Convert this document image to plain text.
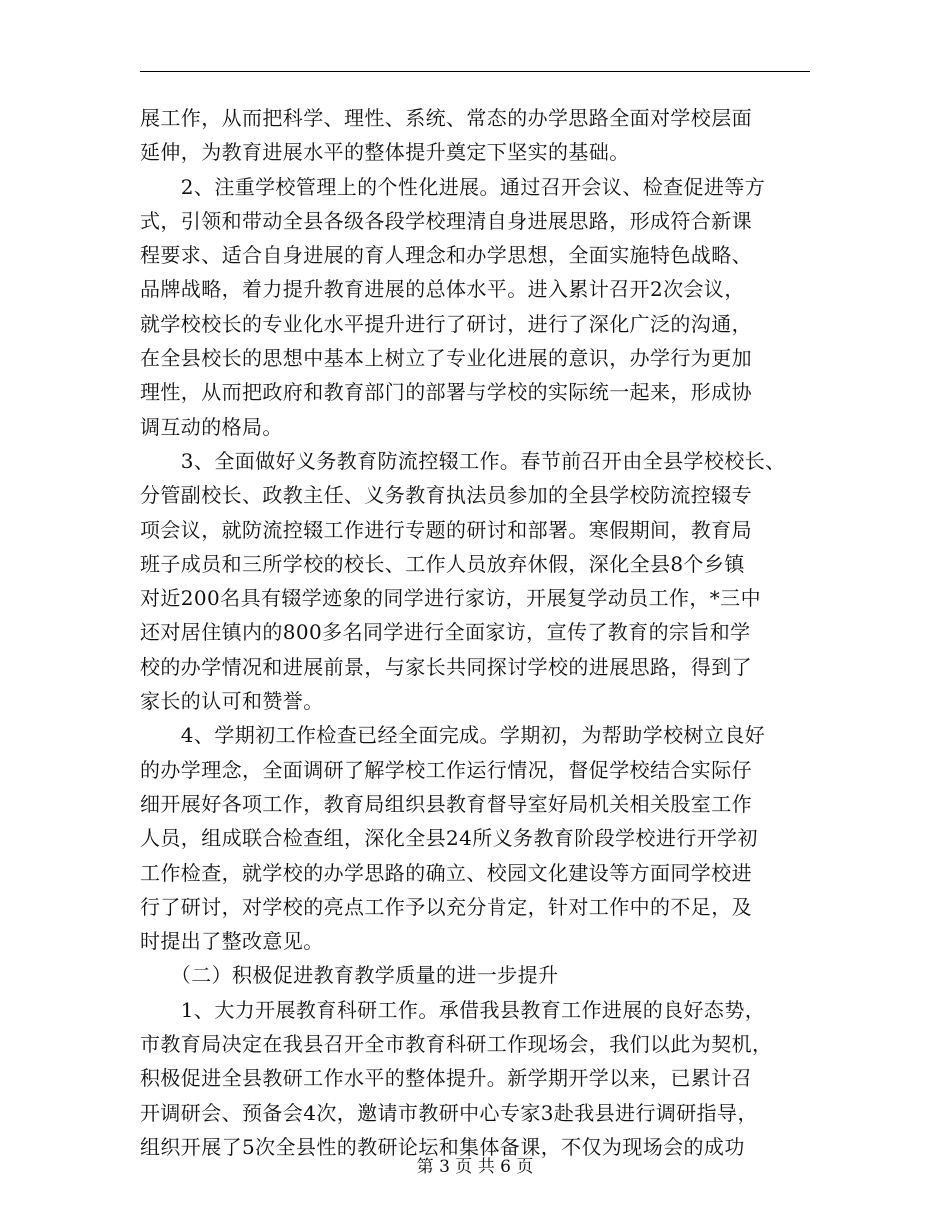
展工作，从而把科学、理性、系统、常态的办学思路全面对学校层面
延伸，为教育进展水平的整体提升奠定下坚实的基础。
　　2、注重学校管理上的个性化进展。通过召开会议、检查促进等方
式，引领和带动全县各级各段学校理清自身进展思路，形成符合新课
程要求、适合自身进展的育人理念和办学思想，全面实施特色战略、
品牌战略，着力提升教育进展的总体水平。进入累计召开2次会议，
就学校校长的专业化水平提升进行了研讨，进行了深化广泛的沟通，
在全县校长的思想中基本上树立了专业化进展的意识，办学行为更加
理性，从而把政府和教育部门的部署与学校的实际统一起来，形成协
调互动的格局。
　　3、全面做好义务教育防流控辍工作。春节前召开由全县学校校长、
分管副校长、政教主任、义务教育执法员参加的全县学校防流控辍专
项会议，就防流控辍工作进行专题的研讨和部署。寒假期间，教育局
班子成员和三所学校的校长、工作人员放弃休假，深化全县8个乡镇
对近200名具有辍学迹象的同学进行家访，开展复学动员工作，*三中
还对居住镇内的800多名同学进行全面家访，宣传了教育的宗旨和学
校的办学情况和进展前景，与家长共同探讨学校的进展思路，得到了
家长的认可和赞誉。
　　4、学期初工作检查已经全面完成。学期初，为帮助学校树立良好
的办学理念，全面调研了解学校工作运行情况，督促学校结合实际仔
细开展好各项工作，教育局组织县教育督导室好局机关相关股室工作
人员，组成联合检查组，深化全县24所义务教育阶段学校进行开学初
工作检查，就学校的办学思路的确立、校园文化建设等方面同学校进
行了研讨，对学校的亮点工作予以充分肯定，针对工作中的不足，及
时提出了整改意见。
　　（二）积极促进教育教学质量的进一步提升
　　1、大力开展教育科研工作。承借我县教育工作进展的良好态势，
市教育局决定在我县召开全市教育科研工作现场会，我们以此为契机，
积极促进全县教研工作水平的整体提升。新学期开学以来，已累计召
开调研会、预备会4次，邀请市教研中心专家3赴我县进行调研指导，
组织开展了5次全县性的教研论坛和集体备课，不仅为现场会的成功
第 3 页 共 6 页
